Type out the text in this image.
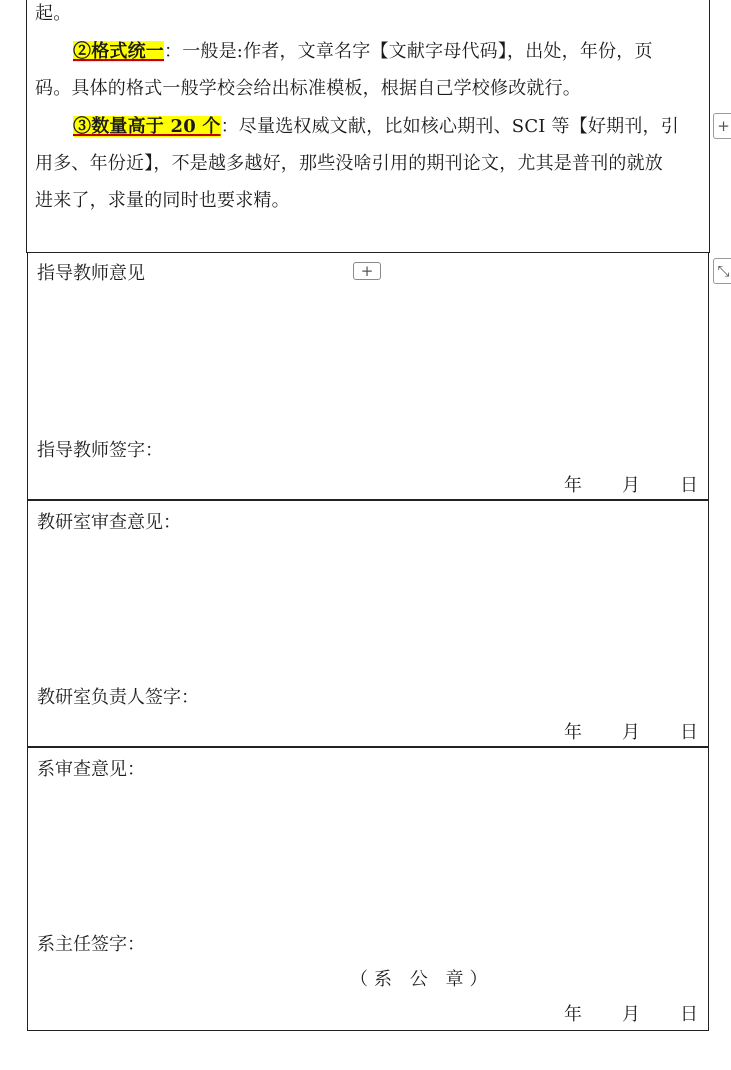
起。
②格式统一：一般是:作者，文章名字【文献字母代码】，出处，年份，页
码。具体的格式一般学校会给出标准模板，根据自己学校修改就行。
③数量高于 20 个：尽量选权威文献，比如核心期刊、SCI 等【好期刊，引
用多、年份近】，不是越多越好，那些没啥引用的期刊论文，尤其是普刊的就放
进来了，求量的同时也要求精。
指导教师意见
指导教师签字：
年 月 日
教研室审查意见：
教研室负责人签字：
年 月 日
系审查意见：
系主任签字：
（系 公 章）
年 月 日
+
+
⤡
